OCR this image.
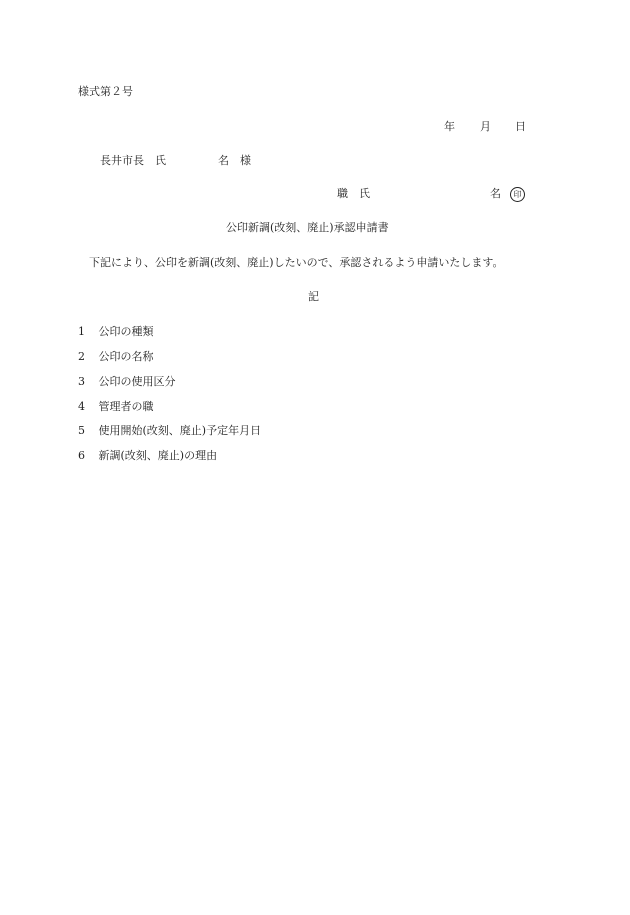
様式第２号
年 月 日
長井市長　氏	名　様
職　氏	名	印
公印新調(改刻、廃止)承認申請書
下記により、公印を新調(改刻、廃止)したいので、承認されるよう申請いたします。
記
1 公印の種類
2 公印の名称
3 公印の使用区分
4 管理者の職
5 使用開始(改刻、廃止)予定年月日
6 新調(改刻、廃止)の理由
